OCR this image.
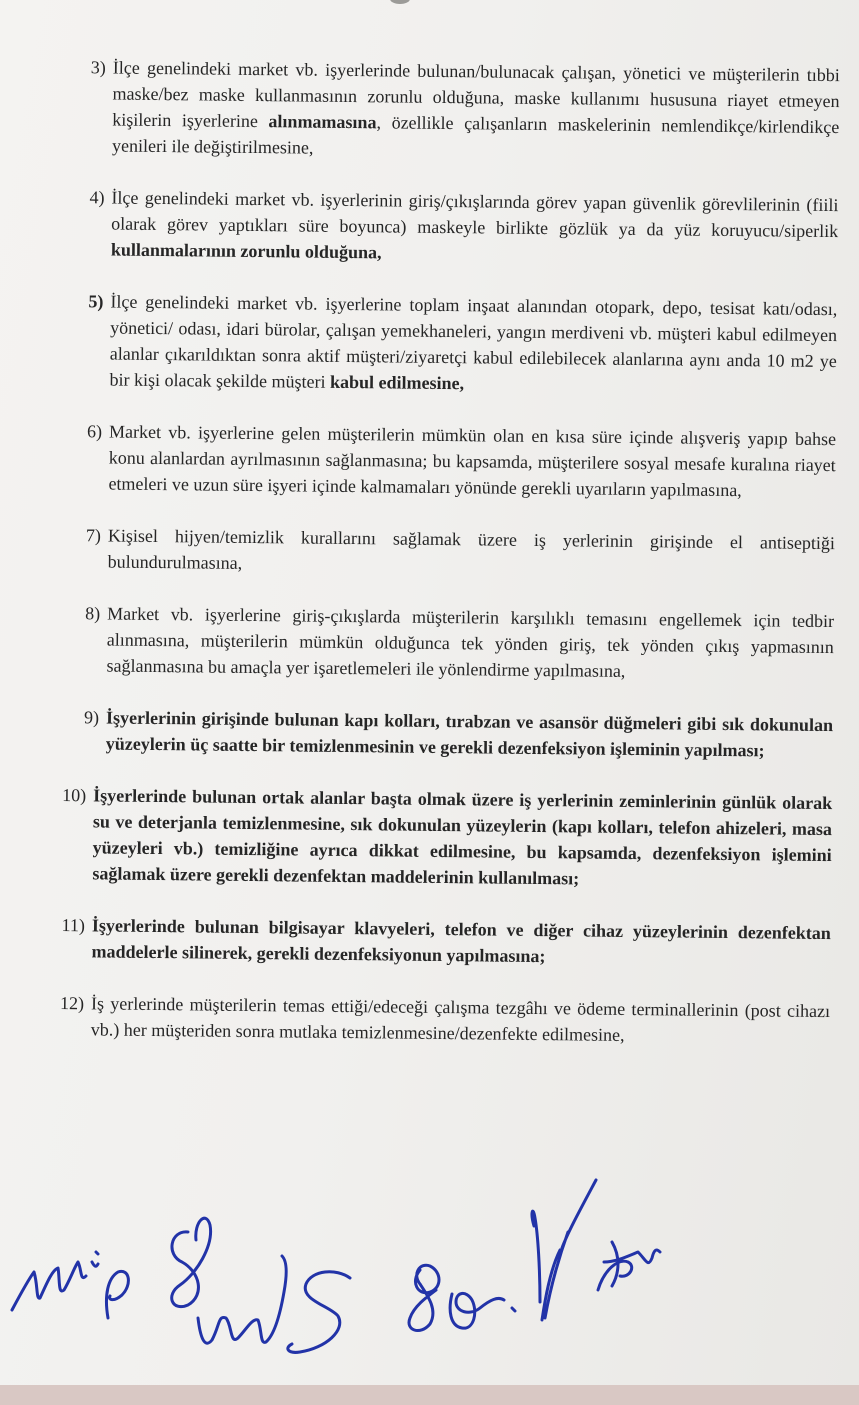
3) İlçe genelindeki market vb. işyerlerinde bulunan/bulunacak çalışan, yönetici ve müşterilerin tıbbi maske/bez maske kullanmasının zorunlu olduğuna, maske kullanımı hususuna riayet etmeyen kişilerin işyerlerine alınmamasına, özellikle çalışanların maskelerinin nemlendikçe/kirlendikçe yenileri ile değiştirilmesine,
4) İlçe genelindeki market vb. işyerlerinin giriş/çıkışlarında görev yapan güvenlik görevlilerinin (fiili olarak görev yaptıkları süre boyunca) maskeyle birlikte gözlük ya da yüz koruyucu/siperlik kullanmalarının zorunlu olduğuna,
5) İlçe genelindeki market vb. işyerlerine toplam inşaat alanından otopark, depo, tesisat katı/odası, yönetici/ odası, idari bürolar, çalışan yemekhaneleri, yangın merdiveni vb. müşteri kabul edilmeyen alanlar çıkarıldıktan sonra aktif müşteri/ziyaretçi kabul edilebilecek alanlarına aynı anda 10 m2 ye bir kişi olacak şekilde müşteri kabul edilmesine,
6) Market vb. işyerlerine gelen müşterilerin mümkün olan en kısa süre içinde alışveriş yapıp bahse konu alanlardan ayrılmasının sağlanmasına; bu kapsamda, müşterilere sosyal mesafe kuralına riayet etmeleri ve uzun süre işyeri içinde kalmamaları yönünde gerekli uyarıların yapılmasına,
7) Kişisel hijyen/temizlik kurallarını sağlamak üzere iş yerlerinin girişinde el antiseptiği bulundurulmasına,
8) Market vb. işyerlerine giriş-çıkışlarda müşterilerin karşılıklı temasını engellemek için tedbir alınmasına, müşterilerin mümkün olduğunca tek yönden giriş, tek yönden çıkış yapmasının sağlanmasına bu amaçla yer işaretlemeleri ile yönlendirme yapılmasına,
9) İşyerlerinin girişinde bulunan kapı kolları, tırabzan ve asansör düğmeleri gibi sık dokunulan yüzeylerin üç saatte bir temizlenmesinin ve gerekli dezenfeksiyon işleminin yapılması;
10) İşyerlerinde bulunan ortak alanlar başta olmak üzere iş yerlerinin zeminlerinin günlük olarak su ve deterjanla temizlenmesine, sık dokunulan yüzeylerin (kapı kolları, telefon ahizeleri, masa yüzeyleri vb.) temizliğine ayrıca dikkat edilmesine, bu kapsamda, dezenfeksiyon işlemini sağlamak üzere gerekli dezenfektan maddelerinin kullanılması;
11) İşyerlerinde bulunan bilgisayar klavyeleri, telefon ve diğer cihaz yüzeylerinin dezenfektan maddelerle silinerek, gerekli dezenfeksiyonun yapılmasına;
12) İş yerlerinde müşterilerin temas ettiği/edeceği çalışma tezgâhı ve ödeme terminallerinin (post cihazı vb.) her müşteriden sonra mutlaka temizlenmesine/dezenfekte edilmesine,
